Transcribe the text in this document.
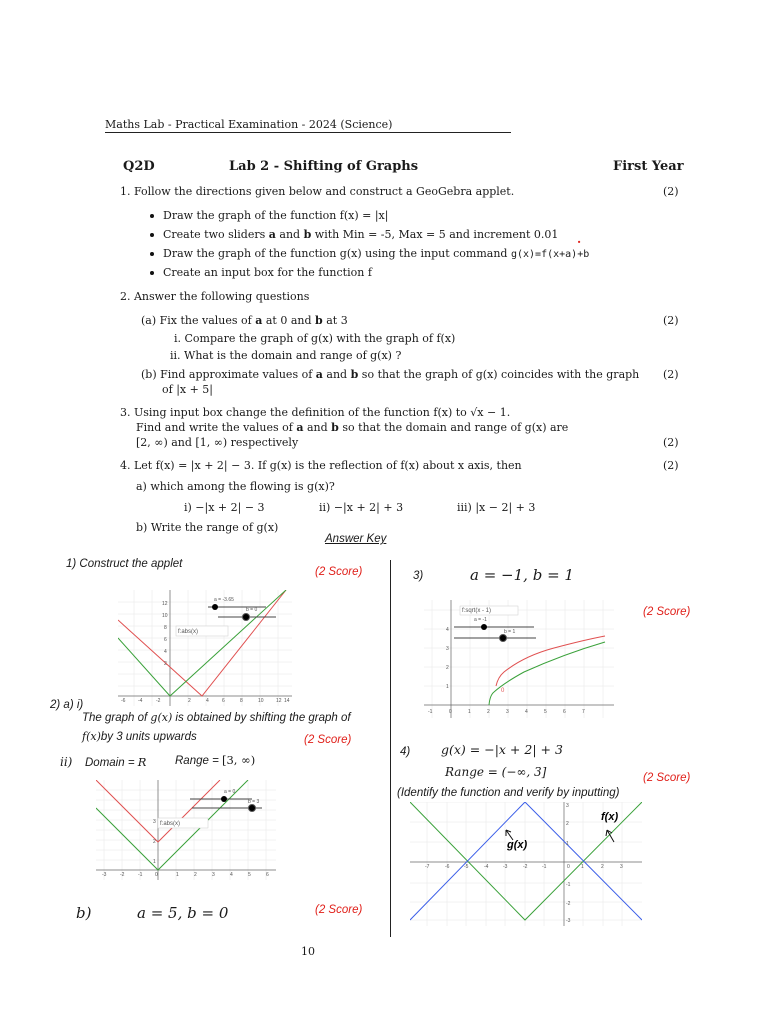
Maths Lab - Practical Examination - 2024 (Science)
Q2D	Lab 2 - Shifting of Graphs	First Year
1. Follow the directions given below and construct a GeoGebra applet.	(2)
Draw the graph of the function f(x) = |x|
Create two sliders a and b with Min = -5, Max = 5 and increment 0.01 .
Draw the graph of the function g(x) using the input command g(x)=f(x+a)+b
Create an input box for the function f
2. Answer the following questions
(a) Fix the values of a at 0 and b at 3	(2)
i. Compare the graph of g(x) with the graph of f(x)
ii. What is the domain and range of g(x) ?
(b) Find approximate values of a and b so that the graph of g(x) coincides with the graph (2)
of |x + 5|
3. Using input box change the definition of the function f(x) to √x − 1.
Find and write the values of a and b so that the domain and range of g(x) are
[2, ∞) and [1, ∞) respectively	(2)
4. Let f(x) = |x + 2| − 3. If g(x) is the reflection of f(x) about x axis, then	(2)
a) which among the flowing is g(x)?
i) −|x + 2| − 3	ii) −|x + 2| + 3	iii) |x − 2| + 3
b) Write the range of g(x)
Answer Key
1) Construct the applet
(2 Score)
f:abs(x)
a = -3.65
b = 0
-6	-4	-2	2	4	6	8	10 12 14
12
10
8
6
4
2
2) a) i)
The graph of g(x) is obtained by shifting the graph of
f(x)by 3 units upwards	(2 Score)
ii) Domain = R Range = [3, ∞)
f:abs(x)
a = 0
b = 3
-3	-2	-1	0	1	2	3	4	5	6
3
2
1
b)	a = 5, b = 0	(2 Score)
3)	a = −1, b = 1
(2 Score)
0
f:sqrt(x - 1)
a = -1
b = 1
-1	0	1	2	3	4	5	6	7
4
3
2
1
4) g(x) = −|x + 2| + 3
Range = (−∞, 3]	(2 Score)
(Identify the function and verify by inputting)
g(x)
f(x)
-7	-6	-5	-4	-3	-2	-1	0 1	2	3
3
2
1
-1
-2
-3
10
